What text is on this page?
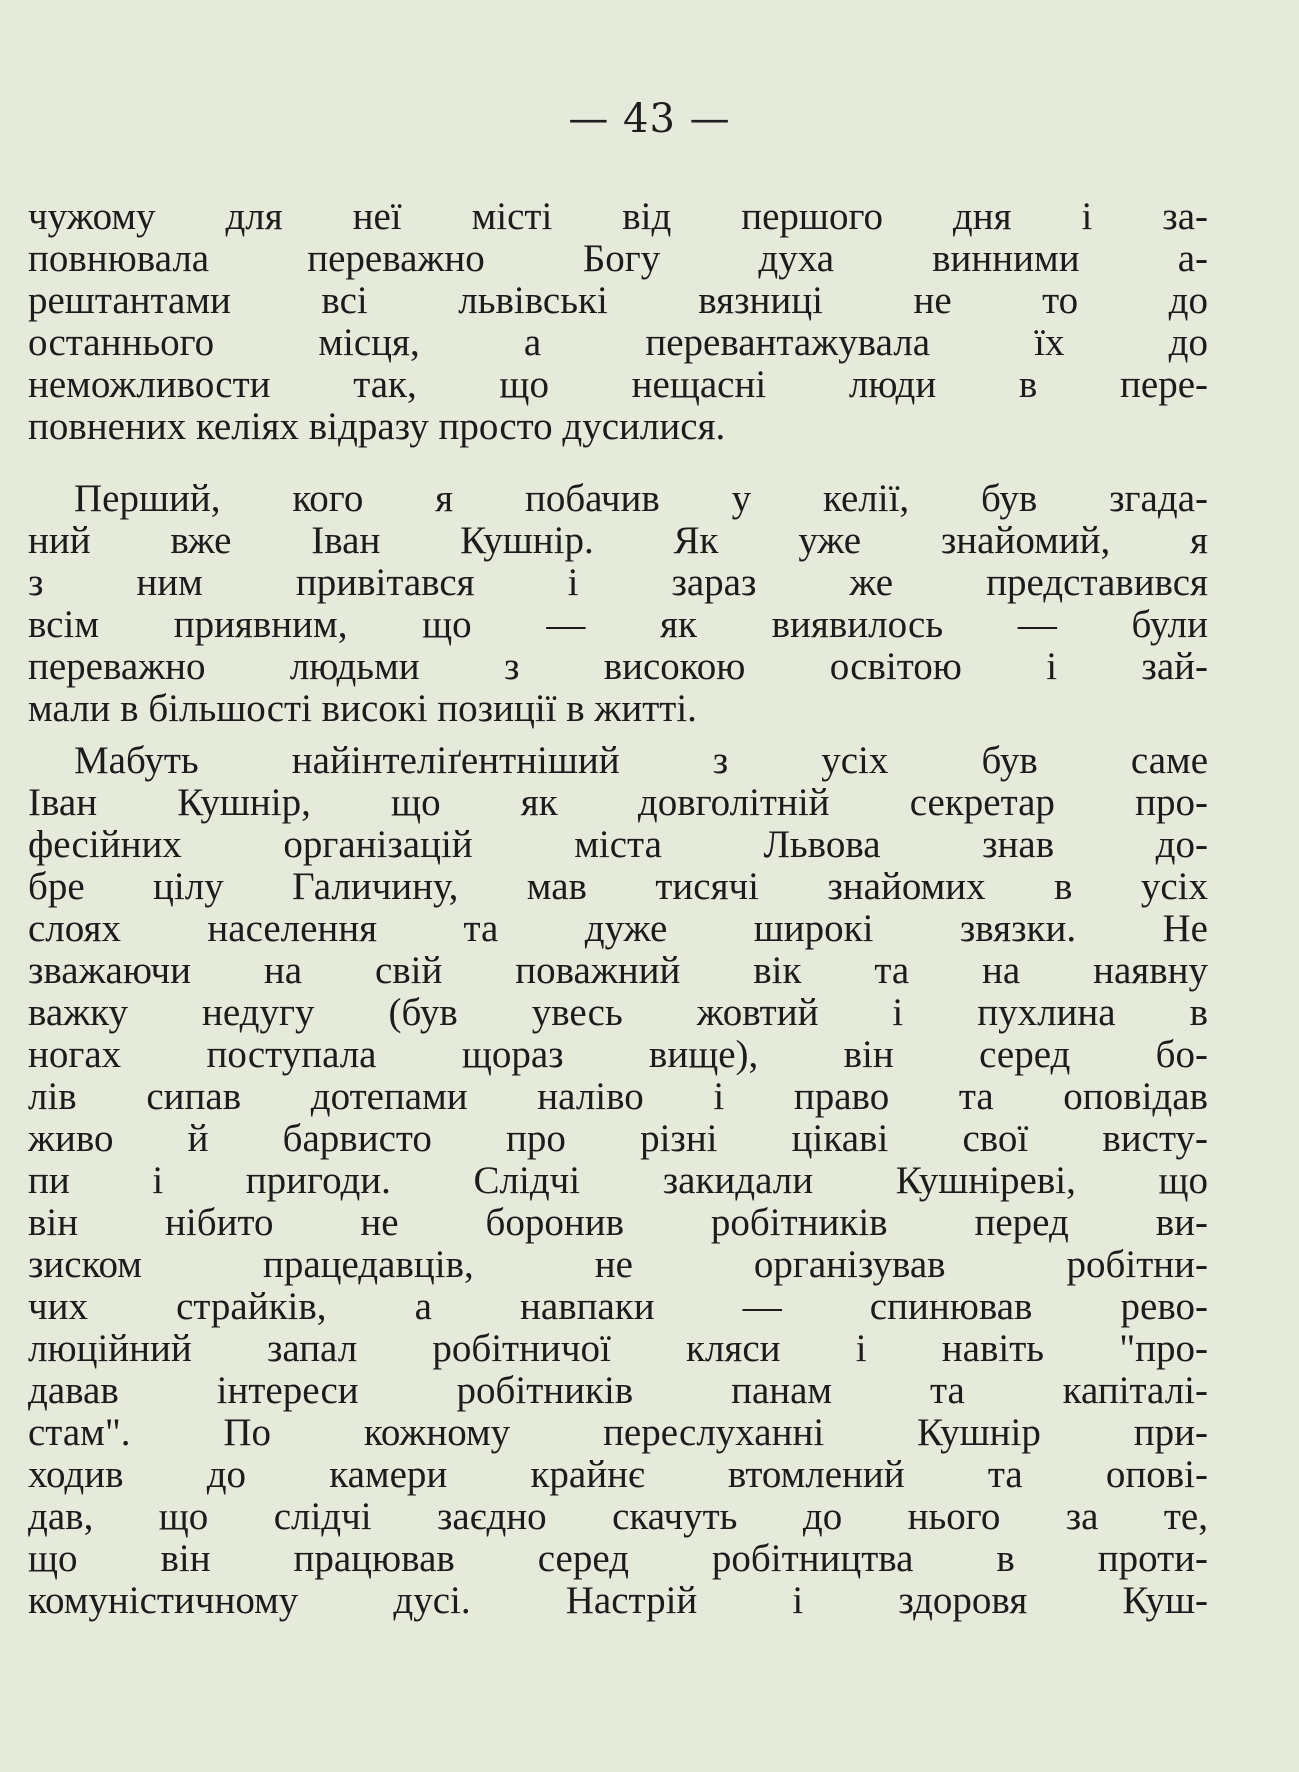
— 43 —
чужому для неї місті від першого дня і за-
повнювала переважно Богу духа винними а-
рештантами всі львівські вязниці не то до
останнього місця, а перевантажувала їх до
неможливости так, що нещасні люди в пере-
повнених келіях відразу просто дусилися.
Перший, кого я побачив у келії, був згада-
ний вже Іван Кушнір. Як уже знайомий, я
з ним привітався і зараз же представився
всім приявним, що — як виявилось — були
переважно людьми з високою освітою і зай-
мали в більшості високі позиції в житті.
Мабуть найінтеліґентніший з усіх був саме
Іван Кушнір, що як довголітній секретар про-
фесійних організацій міста Львова знав до-
бре цілу Галичину, мав тисячі знайомих в усіх
слоях населення та дуже широкі звязки. Не
зважаючи на свій поважний вік та на наявну
важку недугу (був увесь жовтий і пухлина в
ногах поступала щораз вище), він серед бо-
лів сипав дотепами наліво і право та оповідав
живо й барвисто про різні цікаві свої висту-
пи і пригоди. Слідчі закидали Кушніреві, що
він нібито не боронив робітників перед ви-
зиском працедавців, не організував робітни-
чих страйків, а навпаки — спинював рево-
люційний запал робітничої кляси і навіть "про-
давав інтереси робітників панам та капіталі-
стам". По кожному переслуханні Кушнір при-
ходив до камери крайнє втомлений та опові-
дав, що слідчі заєдно скачуть до нього за те,
що він працював серед робітництва в проти-
комуністичному дусі. Настрій і здоровя Куш-
